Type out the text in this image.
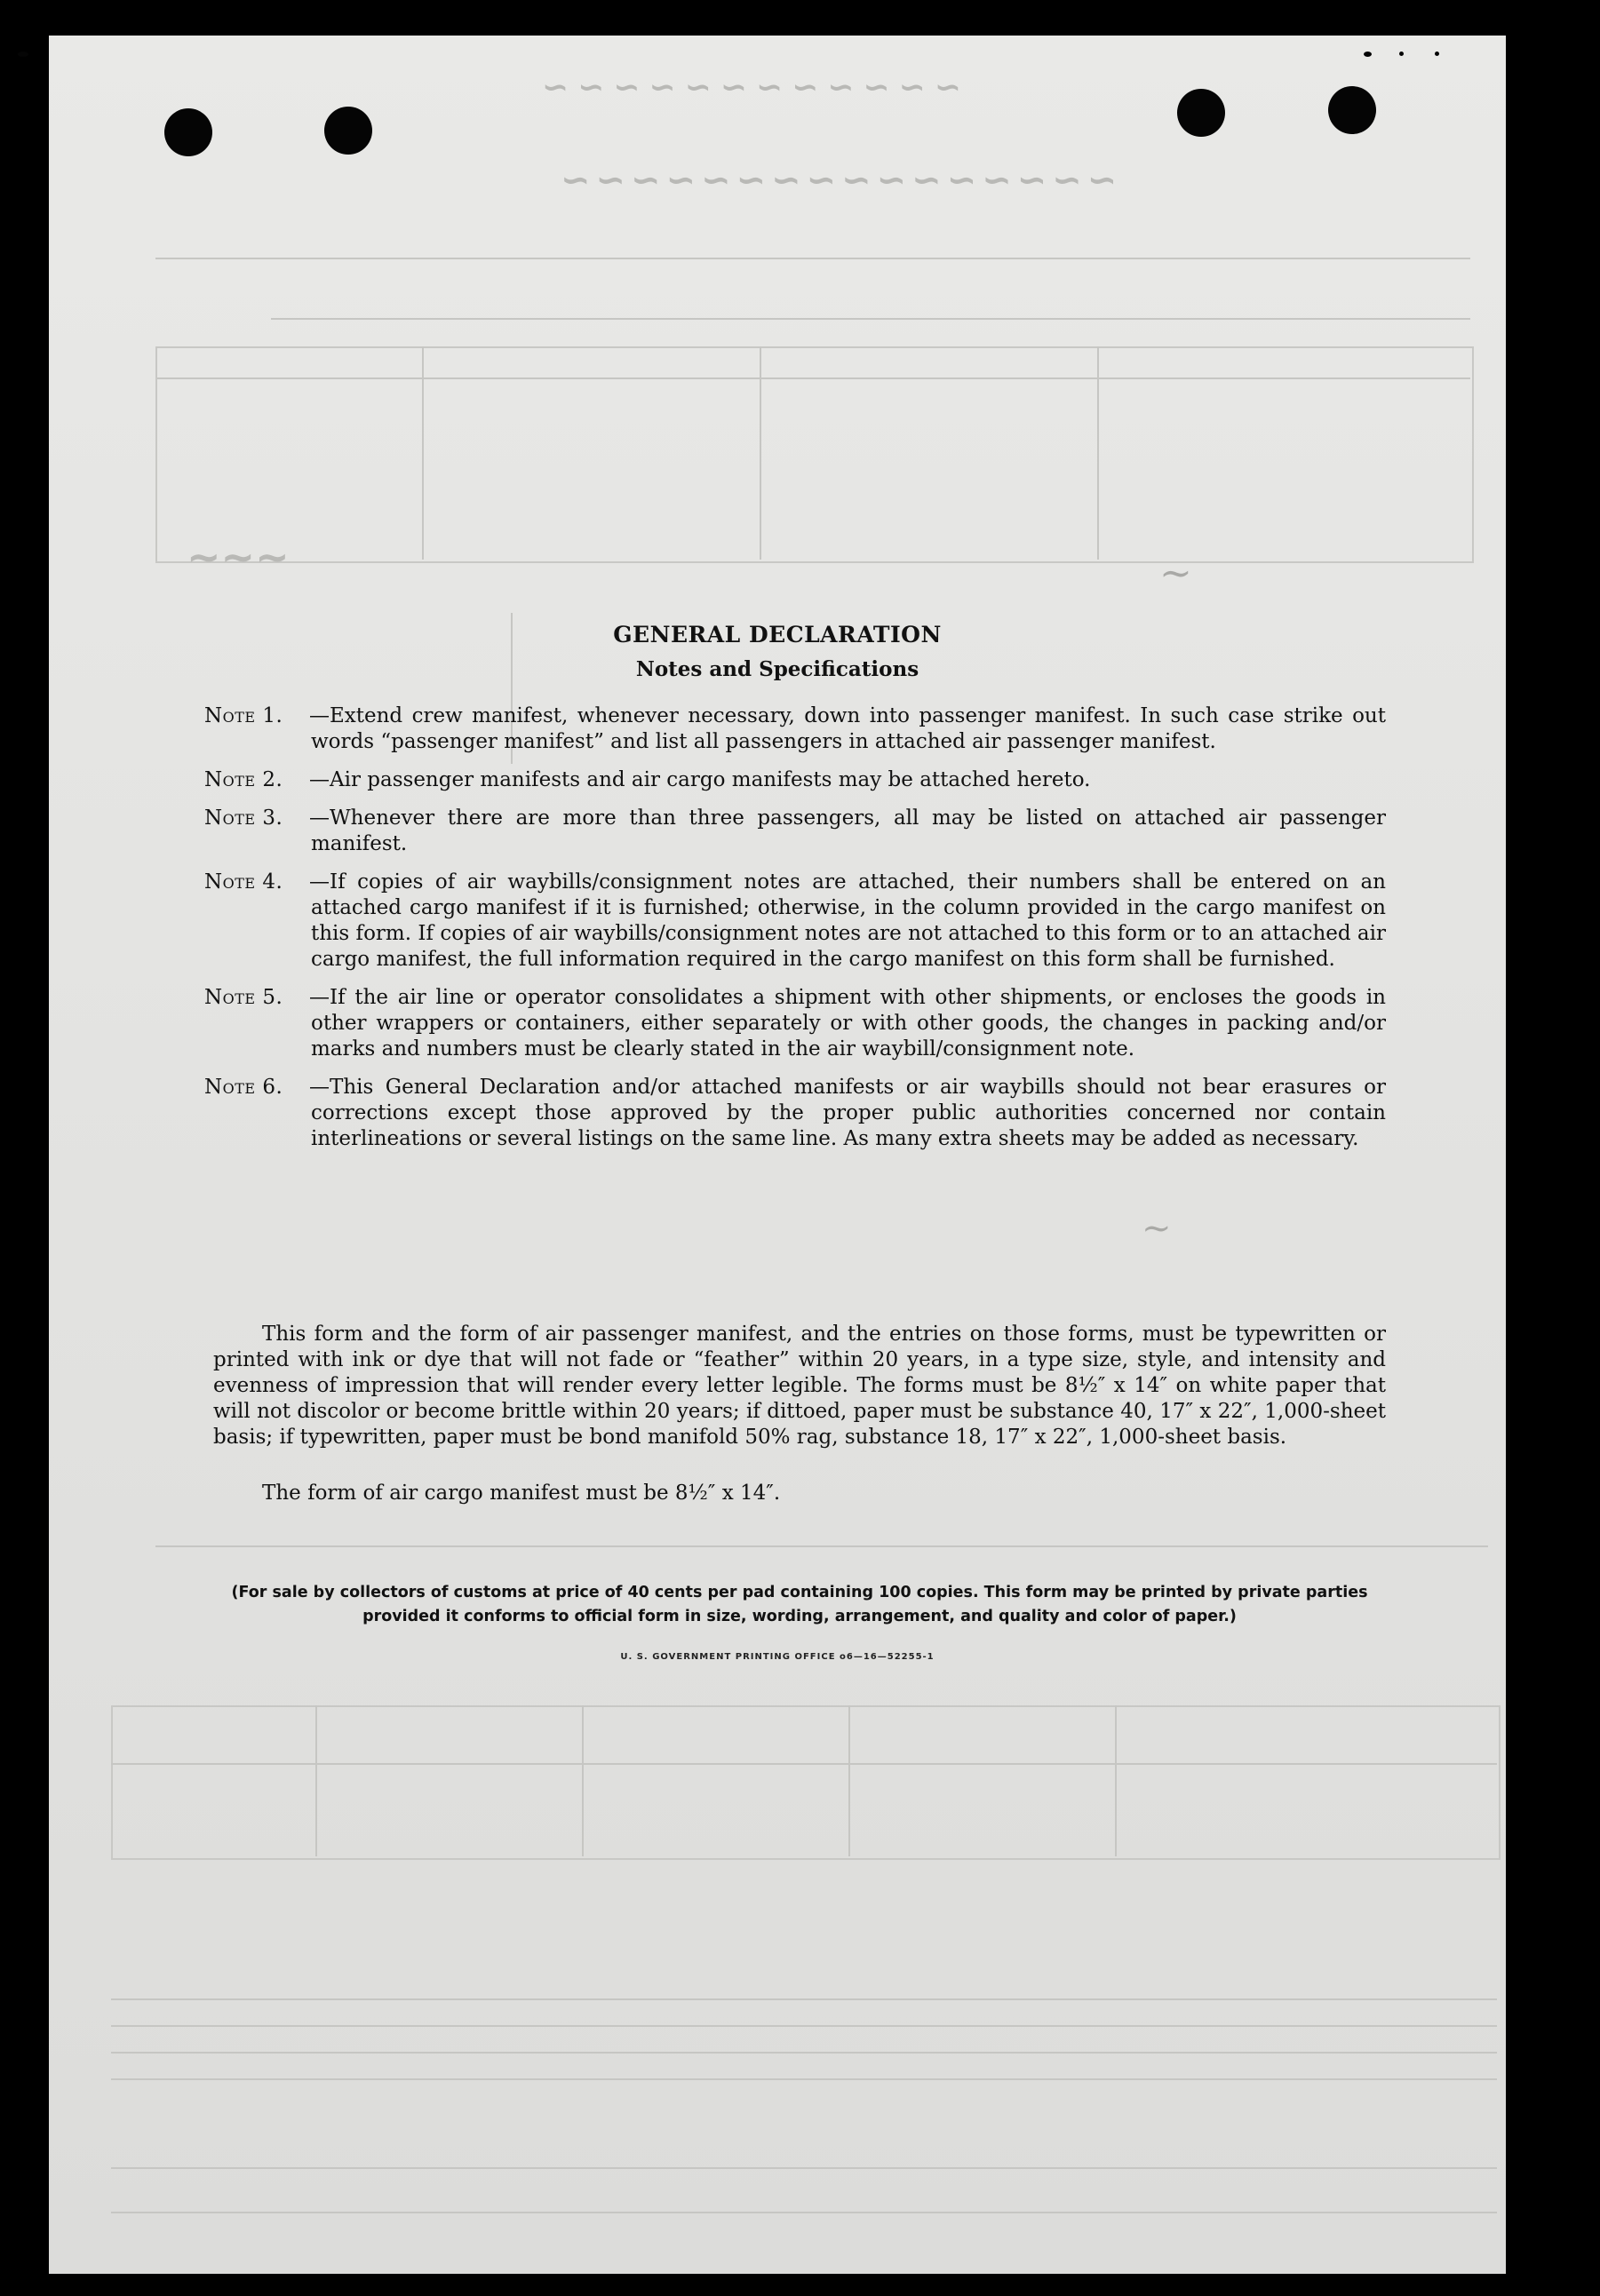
~~~~~~~~~~~~
~~~~~~~~~~~~~~~~
~~~	~
~
GENERAL DECLARATION
Notes and Specifications
Note 1. —Extend crew manifest, whenever necessary, down into passenger manifest. In such case strike out words “passenger manifest” and list all passengers in attached air passenger manifest.
Note 2. —Air passenger manifests and air cargo manifests may be attached hereto.
Note 3. —Whenever there are more than three passengers, all may be listed on attached air passenger manifest.
Note 4. —If copies of air waybills/consignment notes are attached, their numbers shall be entered on an attached cargo manifest if it is furnished; otherwise, in the column provided in the cargo manifest on this form. If copies of air waybills/consignment notes are not attached to this form or to an attached air cargo manifest, the full information required in the cargo manifest on this form shall be furnished.
Note 5. —If the air line or operator consolidates a shipment with other shipments, or encloses the goods in other wrappers or containers, either separately or with other goods, the changes in packing and/or marks and numbers must be clearly stated in the air waybill/consignment note.
Note 6. —This General Declaration and/or attached manifests or air waybills should not bear erasures or corrections except those approved by the proper public authorities concerned nor contain interlineations or several listings on the same line. As many extra sheets may be added as necessary.
This form and the form of air passenger manifest, and the entries on those forms, must be typewritten or printed with ink or dye that will not fade or “feather” within 20 years, in a type size, style, and intensity and evenness of impression that will render every letter legible. The forms must be 8½″ x 14″ on white paper that will not discolor or become brittle within 20 years; if dittoed, paper must be substance 40, 17″ x 22″, 1,000-sheet basis; if typewritten, paper must be bond manifold 50% rag, substance 18, 17″ x 22″, 1,000-sheet basis.
The form of air cargo manifest must be 8½″ x 14″.
(For sale by collectors of customs at price of 40 cents per pad containing 100 copies. This form may be printed by private parties provided it conforms to official form in size, wording, arrangement, and quality and color of paper.)
U. S. GOVERNMENT PRINTING OFFICE o6—16—52255-1
